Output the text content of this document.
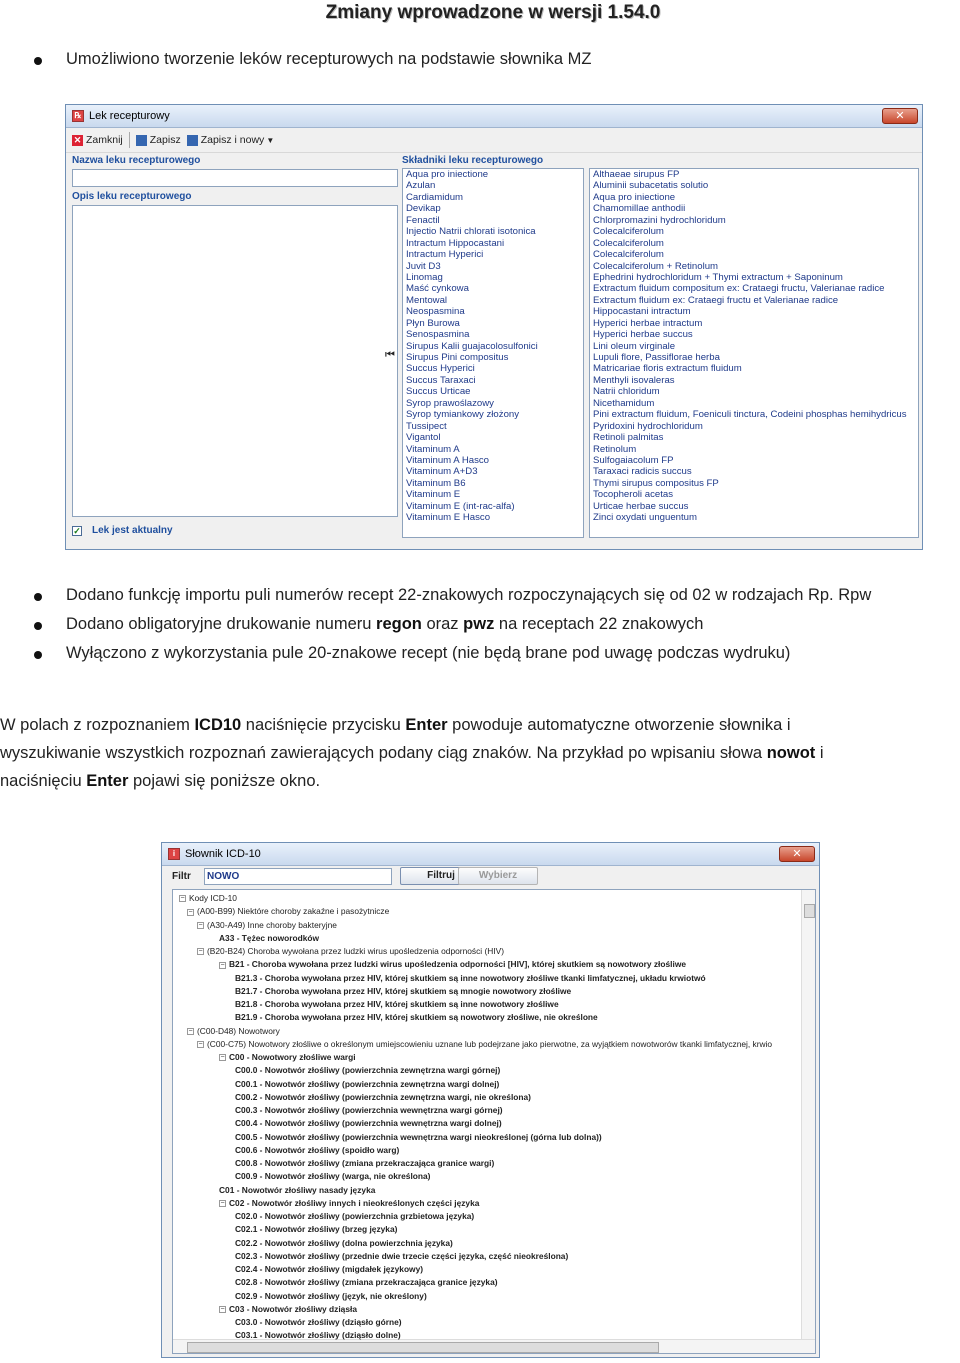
Zmiany wprowadzone w wersji 1.54.0
Umożliwiono tworzenie leków recepturowych na podstawie słownika MZ
℞ Lek recepturowy	✕
✕ Zamknij	Zapisz Zapisz i nowy ▼
Nazwa leku recepturowego
Opis leku recepturowego
✓ Lek jest aktualny
⏮
Składniki leku recepturowego
Aqua pro iniectione
Azulan
Cardiamidum
Devikap
Fenactil
Injectio Natrii chlorati isotonica
Intractum Hippocastani
Intractum Hyperici
Juvit D3
Linomag
Maść cynkowa
Mentowal
Neospasmina
Płyn Burowa
Senospasmina
Sirupus Kalii guajacolosulfonici
Sirupus Pini compositus
Succus Hyperici
Succus Taraxaci
Succus Urticae
Syrop prawoślazowy
Syrop tymiankowy złożony
Tussipect
Vigantol
Vitaminum A
Vitaminum A Hasco
Vitaminum A+D3
Vitaminum B6
Vitaminum E
Vitaminum E (int-rac-alfa)
Vitaminum E Hasco
Althaeae sirupus FP
Aluminii subacetatis solutio
Aqua pro iniectione
Chamomillae anthodii
Chlorpromazini hydrochloridum
Colecalciferolum
Colecalciferolum
Colecalciferolum
Colecalciferolum + Retinolum
Ephedrini hydrochloridum + Thymi extractum + Saponinum
Extractum fluidum compositum ex: Crataegi fructu, Valerianae radice
Extractum fluidum ex: Crataegi fructu et Valerianae radice
Hippocastani intractum
Hyperici herbae intractum
Hyperici herbae succus
Lini oleum virginale
Lupuli flore, Passiflorae herba
Matricariae floris extractum fluidum
Menthyli isovaleras
Natrii chloridum
Nicethamidum
Pini extractum fluidum, Foeniculi tinctura, Codeini phosphas hemihydricus
Pyridoxini hydrochloridum
Retinoli palmitas
Retinolum
Sulfogaiacolum FP
Taraxaci radicis succus
Thymi sirupus compositus FP
Tocopheroli acetas
Urticae herbae succus
Zinci oxydati unguentum
Dodano funkcję importu puli numerów recept 22-znakowych rozpoczynających się od 02 w rodzajach Rp. Rpw
Dodano obligatoryjne drukowanie numeru regon oraz pwz na receptach 22 znakowych
Wyłączono z wykorzystania pule 20-znakowe recept (nie będą brane pod uwagę podczas wydruku)
W polach z rozpoznaniem ICD10 naciśnięcie przycisku Enter powoduje automatyczne otworzenie słownika i
wyszukiwanie wszystkich rozpoznań zawierających podany ciąg znaków. Na przykład po wpisaniu słowa nowot i
naciśnięciu Enter pojawi się poniższe okno.
i Słownik ICD-10	✕
Filtr
NOWO	Filtruj	Wybierz
− Kody ICD-10
− (A00-B99) Niektóre choroby zakaźne i pasożytnicze
− (A30-A49) Inne choroby bakteryjne
A33 - Tężec noworodków
− (B20-B24) Choroba wywołana przez ludzki wirus upośledzenia odporności (HIV)
− B21 - Choroba wywołana przez ludzki wirus upośledzenia odporności [HIV], której skutkiem są nowotwory złośliwe
B21.3 - Choroba wywołana przez HIV, której skutkiem są inne nowotwory złośliwe tkanki limfatycznej, układu krwiotwó
B21.7 - Choroba wywołana przez HIV, której skutkiem są mnogie nowotwory złośliwe
B21.8 - Choroba wywołana przez HIV, której skutkiem są inne nowotwory złośliwe
B21.9 - Choroba wywołana przez HIV, której skutkiem są nowotwory złośliwe, nie określone
− (C00-D48) Nowotwory
− (C00-C75) Nowotwory złośliwe o określonym umiejscowieniu uznane lub podejrzane jako pierwotne, za wyjątkiem nowotworów tkanki limfatycznej, krwio
− C00 - Nowotwory złośliwe wargi
C00.0 - Nowotwór złośliwy (powierzchnia zewnętrzna wargi górnej)
C00.1 - Nowotwór złośliwy (powierzchnia zewnętrzna wargi dolnej)
C00.2 - Nowotwór złośliwy (powierzchnia zewnętrzna wargi, nie określona)
C00.3 - Nowotwór złośliwy (powierzchnia wewnętrzna wargi górnej)
C00.4 - Nowotwór złośliwy (powierzchnia wewnętrzna wargi dolnej)
C00.5 - Nowotwór złośliwy (powierzchnia wewnętrzna wargi nieokreślonej (górna lub dolna))
C00.6 - Nowotwór złośliwy (spoidło warg)
C00.8 - Nowotwór złośliwy (zmiana przekraczająca granice wargi)
C00.9 - Nowotwór złośliwy (warga, nie określona)
C01 - Nowotwór złośliwy nasady języka
− C02 - Nowotwór złośliwy innych i nieokreślonych części języka
C02.0 - Nowotwór złośliwy (powierzchnia grzbietowa języka)
C02.1 - Nowotwór złośliwy (brzeg języka)
C02.2 - Nowotwór złośliwy (dolna powierzchnia języka)
C02.3 - Nowotwór złośliwy (przednie dwie trzecie części języka, część nieokreślona)
C02.4 - Nowotwór złośliwy (migdałek językowy)
C02.8 - Nowotwór złośliwy (zmiana przekraczająca granice języka)
C02.9 - Nowotwór złośliwy (język, nie określony)
− C03 - Nowotwór złośliwy dziąsła
C03.0 - Nowotwór złośliwy (dziąsło górne)
C03.1 - Nowotwór złośliwy (dziąsło dolne)
